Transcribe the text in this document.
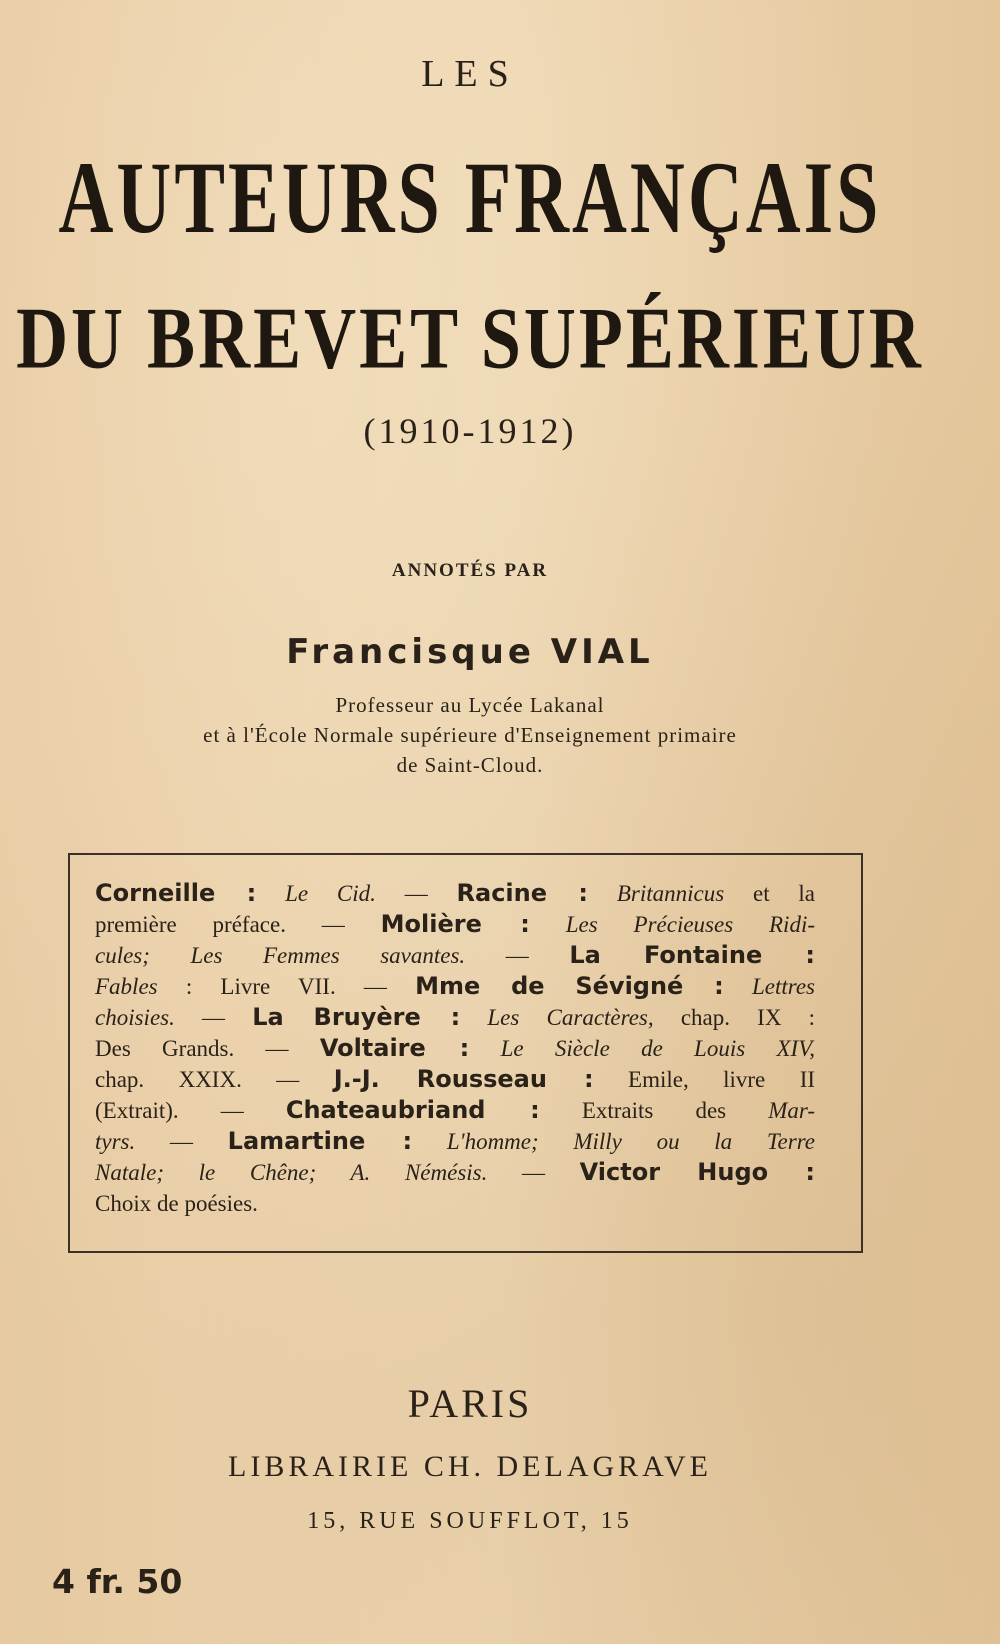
LES
AUTEURS FRANÇAIS
DU BREVET SUPÉRIEUR
(1910-1912)
ANNOTÉS PAR
Francisque VIAL
Professeur au Lycée Lakanal
et à l'École Normale supérieure d'Enseignement primaire
de Saint-Cloud.
Corneille : Le Cid. — Racine : Britannicus et la
première préface. — Molière : Les Précieuses Ridi-
cules; Les Femmes savantes. — La Fontaine :
Fables : Livre VII. — Mme de Sévigné : Lettres
choisies. — La Bruyère : Les Caractères, chap. IX :
Des Grands. — Voltaire : Le Siècle de Louis XIV,
chap. XXIX. — J.-J. Rousseau : Emile, livre II
(Extrait). — Chateaubriand : Extraits des Mar-
tyrs. — Lamartine : L'homme; Milly ou la Terre
Natale; le Chêne; A. Némésis. — Victor Hugo :
Choix de poésies.
PARIS
LIBRAIRIE CH. DELAGRAVE
15, RUE SOUFFLOT, 15
4 fr. 50
